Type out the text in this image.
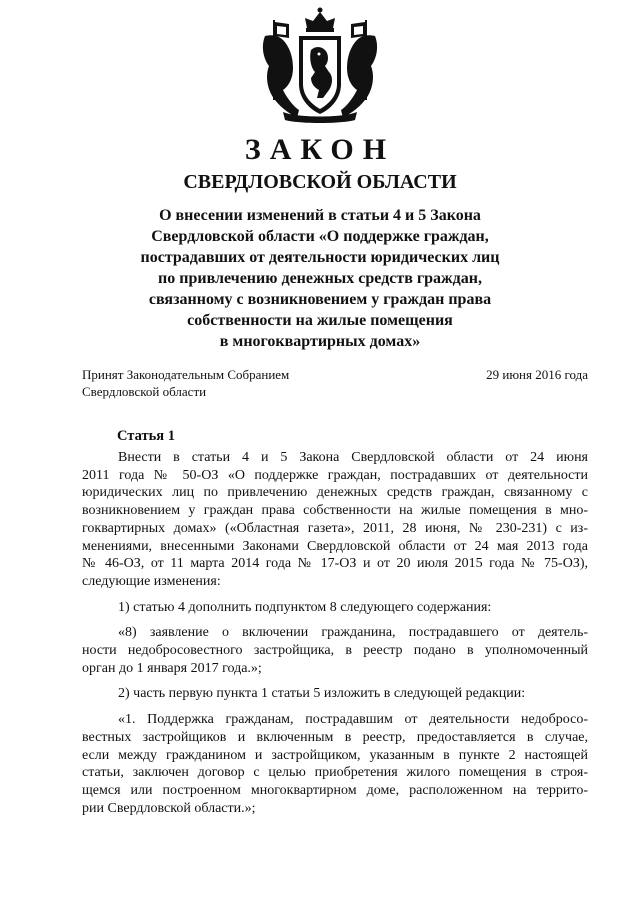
ЗАКОН
СВЕРДЛОВСКОЙ ОБЛАСТИ
О внесении изменений в статьи 4 и 5 Закона
Свердловской области «О поддержке граждан,
пострадавших от деятельности юридических лиц
по привлечению денежных средств граждан,
связанному с возникновением у граждан права
собственности на жилые помещения
в многоквартирных домах»
Принят Законодательным Собранием
Свердловской области
29 июня 2016 года
Статья 1
Внести в статьи 4 и 5 Закона Свердловской области от 24 июня
2011 года № 50-ОЗ «О поддержке граждан, пострадавших от деятельности
юридических лиц по привлечению денежных средств граждан, связанному с
возникновением у граждан права собственности на жилые помещения в мно-
гоквартирных домах» («Областная газета», 2011, 28 июня, № 230-231) с из-
менениями, внесенными Законами Свердловской области от 24 мая 2013 года
№ 46-ОЗ, от 11 марта 2014 года № 17-ОЗ и от 20 июля 2015 года № 75-ОЗ),
следующие изменения:
1) статью 4 дополнить подпунктом 8 следующего содержания:
«8) заявление о включении гражданина, пострадавшего от деятель-
ности недобросовестного застройщика, в реестр подано в уполномоченный
орган до 1 января 2017 года.»;
2) часть первую пункта 1 статьи 5 изложить в следующей редакции:
«1. Поддержка гражданам, пострадавшим от деятельности недобросо-
вестных застройщиков и включенным в реестр, предоставляется в случае,
если между гражданином и застройщиком, указанным в пункте 2 настоящей
статьи, заключен договор с целью приобретения жилого помещения в строя-
щемся или построенном многоквартирном доме, расположенном на террито-
рии Свердловской области.»;
